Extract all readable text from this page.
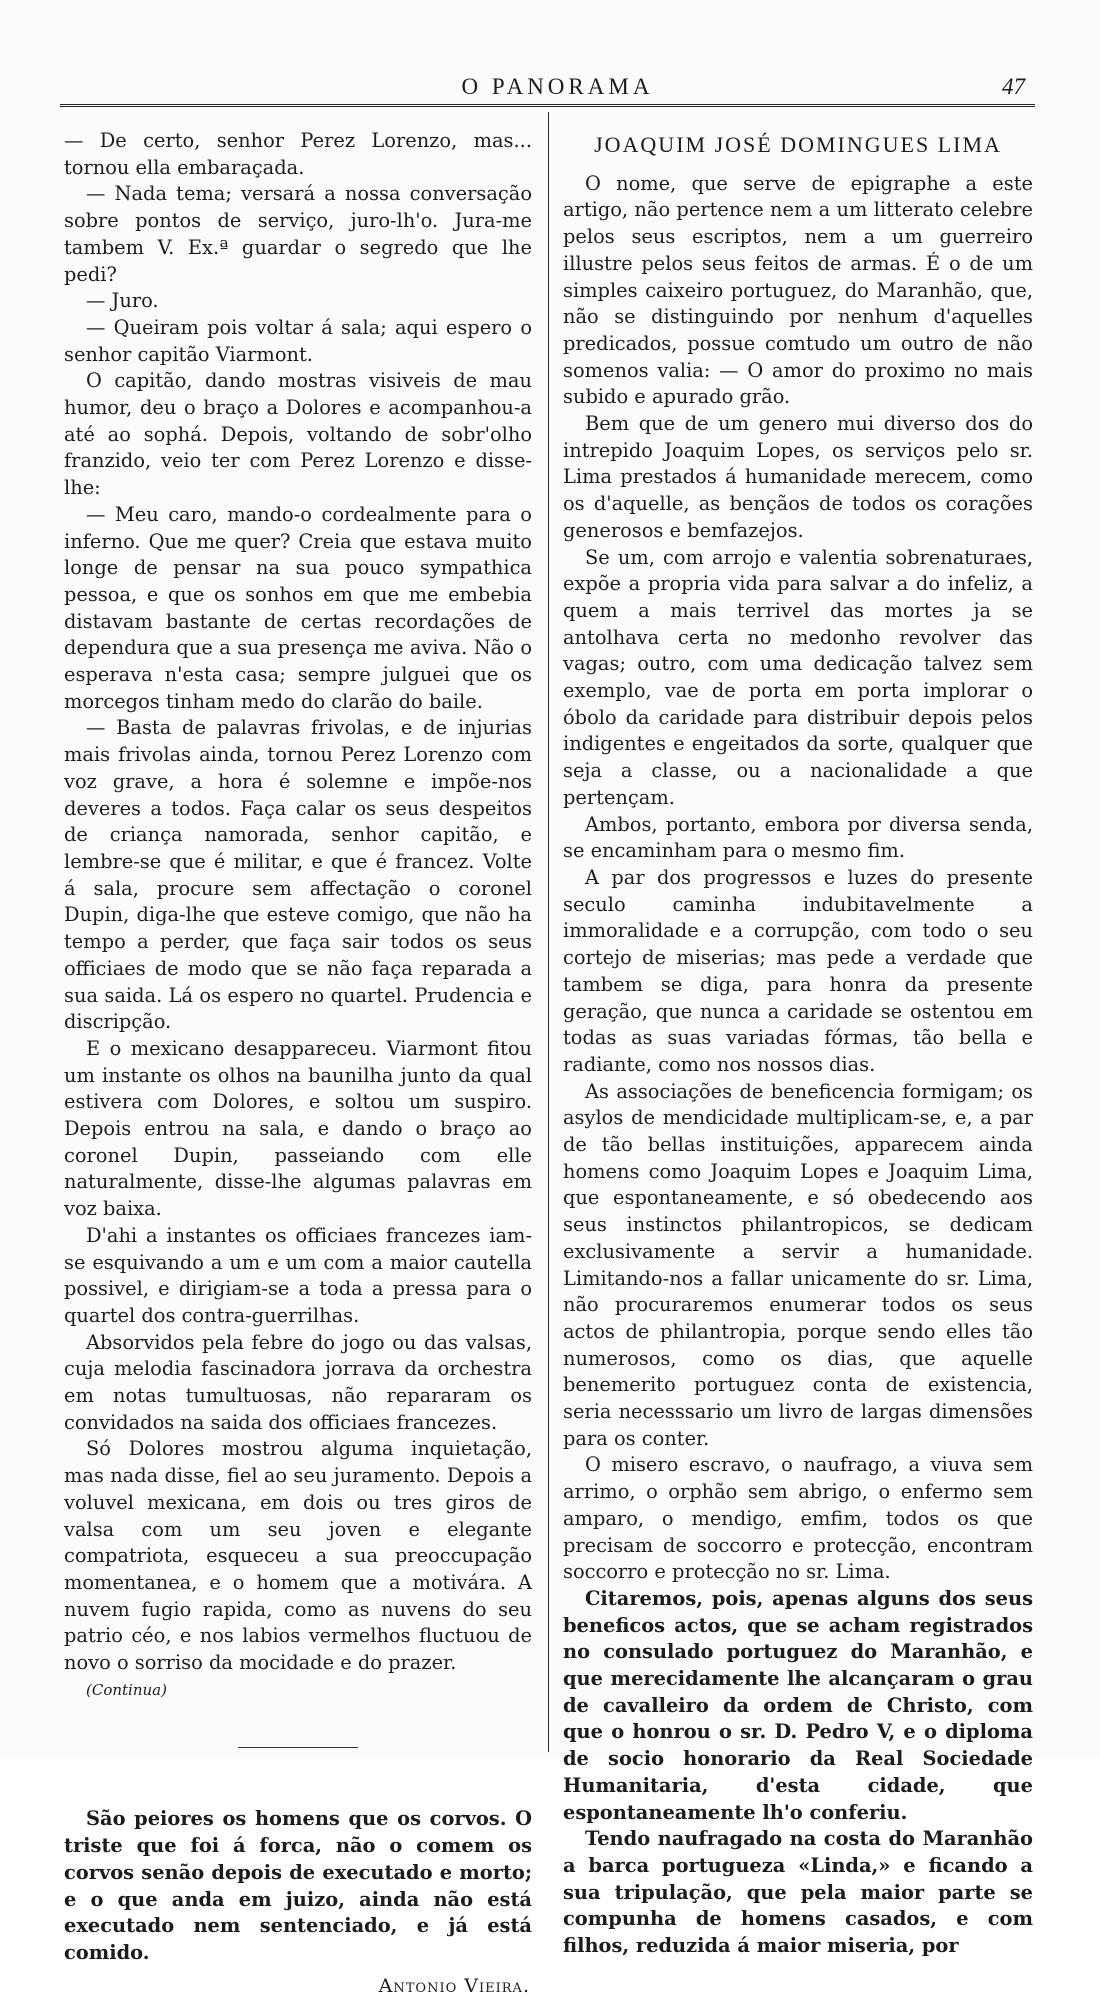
O PANORAMA	47

— De certo, senhor Perez Lorenzo, mas... tornou ella embaraçada.

— Nada tema; versará a nossa conversação sobre pontos de serviço, juro-lh'o. Jura-me tambem V. Ex.ª guardar o segredo que lhe pedi?

— Juro.

— Queiram pois voltar á sala; aqui espero o senhor capitão Viarmont.

O capitão, dando mostras visiveis de mau humor, deu o braço a Dolores e acompanhou-a até ao sophá. Depois, voltando de sobr'olho franzido, veio ter com Perez Lorenzo e disse-lhe:

— Meu caro, mando-o cordealmente para o inferno. Que me quer? Creia que estava muito longe de pensar na sua pouco sympathica pessoa, e que os sonhos em que me embebia distavam bastante de certas recordações de dependura que a sua presença me aviva. Não o esperava n'esta casa; sempre julguei que os morcegos tinham medo do clarão do baile.

— Basta de palavras frivolas, e de injurias mais frivolas ainda, tornou Perez Lorenzo com voz grave, a hora é solemne e impõe-nos deveres a todos. Faça calar os seus despeitos de criança namorada, senhor capitão, e lembre-se que é militar, e que é francez. Volte á sala, procure sem affectação o coronel Dupin, diga-lhe que esteve comigo, que não ha tempo a perder, que faça sair todos os seus officiaes de modo que se não faça reparada a sua saida. Lá os espero no quartel. Prudencia e discripção.

E o mexicano desappareceu. Viarmont fitou um instante os olhos na baunilha junto da qual estivera com Dolores, e soltou um suspiro. Depois entrou na sala, e dando o braço ao coronel Dupin, passeiando com elle naturalmente, disse-lhe algumas palavras em voz baixa.

D'ahi a instantes os officiaes francezes iam-se esquivando a um e um com a maior cautella possivel, e dirigiam-se a toda a pressa para o quartel dos contra-guerrilhas.

Absorvidos pela febre do jogo ou das valsas, cuja melodia fascinadora jorrava da orchestra em notas tumultuosas, não repararam os convidados na saida dos officiaes francezes.

Só Dolores mostrou alguma inquietação, mas nada disse, fiel ao seu juramento. Depois a voluvel mexicana, em dois ou tres giros de valsa com um seu joven e elegante compatriota, esqueceu a sua preoccupação momentanea, e o homem que a motivára. A nuvem fugio rapida, como as nuvens do seu patrio céo, e nos labios vermelhos fluctuou de novo o sorriso da mocidade e do prazer.

(Continua)

São peiores os homens que os corvos. O triste que foi á forca, não o comem os corvos senão depois de executado e morto; e o que anda em juizo, ainda não está executado nem sentenciado, e já está comido.

Antonio Vieira.
JOAQUIM JOSÉ DOMINGUES LIMA

O nome, que serve de epigraphe a este artigo, não pertence nem a um litterato celebre pelos seus escriptos, nem a um guerreiro illustre pelos seus feitos de armas. É o de um simples caixeiro portuguez, do Maranhão, que, não se distinguindo por nenhum d'aquelles predicados, possue comtudo um outro de não somenos valia: — O amor do proximo no mais subido e apurado grão.

Bem que de um genero mui diverso dos do intrepido Joaquim Lopes, os serviços pelo sr. Lima prestados á humanidade merecem, como os d'aquelle, as bençãos de todos os corações generosos e bemfazejos.

Se um, com arrojo e valentia sobrenaturaes, expõe a propria vida para salvar a do infeliz, a quem a mais terrivel das mortes ja se antolhava certa no medonho revolver das vagas; outro, com uma dedicação talvez sem exemplo, vae de porta em porta implorar o óbolo da caridade para distribuir depois pelos indigentes e engeitados da sorte, qualquer que seja a classe, ou a nacionalidade a que pertençam.

Ambos, portanto, embora por diversa senda, se encaminham para o mesmo fim.

A par dos progressos e luzes do presente seculo caminha indubitavelmente a immoralidade e a corrupção, com todo o seu cortejo de miserias; mas pede a verdade que tambem se diga, para honra da presente geração, que nunca a caridade se ostentou em todas as suas variadas fórmas, tão bella e radiante, como nos nossos dias.

As associações de beneficencia formigam; os asylos de mendicidade multiplicam-se, e, a par de tão bellas instituições, apparecem ainda homens como Joaquim Lopes e Joaquim Lima, que espontaneamente, e só obedecendo aos seus instinctos philantropicos, se dedicam exclusivamente a servir a humanidade. Limitando-nos a fallar unicamente do sr. Lima, não procuraremos enumerar todos os seus actos de philantropia, porque sendo elles tão numerosos, como os dias, que aquelle benemerito portuguez conta de existencia, seria necesssario um livro de largas dimensões para os conter.

O misero escravo, o naufrago, a viuva sem arrimo, o orphão sem abrigo, o enfermo sem amparo, o mendigo, emfim, todos os que precisam de soccorro e protecção, encontram soccorro e protecção no sr. Lima.

Citaremos, pois, apenas alguns dos seus beneficos actos, que se acham registrados no consulado portuguez do Maranhão, e que merecidamente lhe alcançaram o grau de cavalleiro da ordem de Christo, com que o honrou o sr. D. Pedro V, e o diploma de socio honorario da Real Sociedade Humanitaria, d'esta cidade, que espontaneamente lh'o conferiu.

Tendo naufragado na costa do Maranhão a barca portugueza «Linda,» e ficando a sua tripulação, que pela maior parte se compunha de homens casados, e com filhos, reduzida á maior miseria, por
